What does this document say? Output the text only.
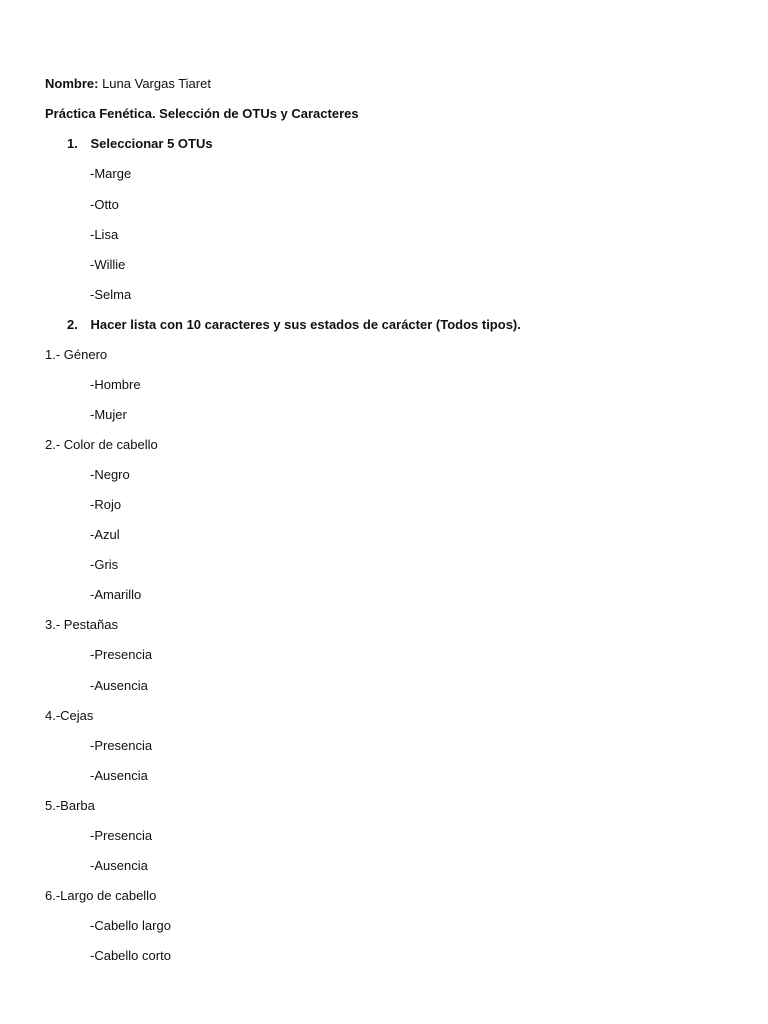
Nombre: Luna Vargas Tiaret
Práctica Fenética. Selección de OTUs y Caracteres
1. Seleccionar 5 OTUs
-Marge
-Otto
-Lisa
-Willie
-Selma
2. Hacer lista con 10 caracteres y sus estados de carácter (Todos tipos).
1.- Género
-Hombre
-Mujer
2.- Color de cabello
-Negro
-Rojo
-Azul
-Gris
-Amarillo
3.- Pestañas
-Presencia
-Ausencia
4.-Cejas
-Presencia
-Ausencia
5.-Barba
-Presencia
-Ausencia
6.-Largo de cabello
-Cabello largo
-Cabello corto
